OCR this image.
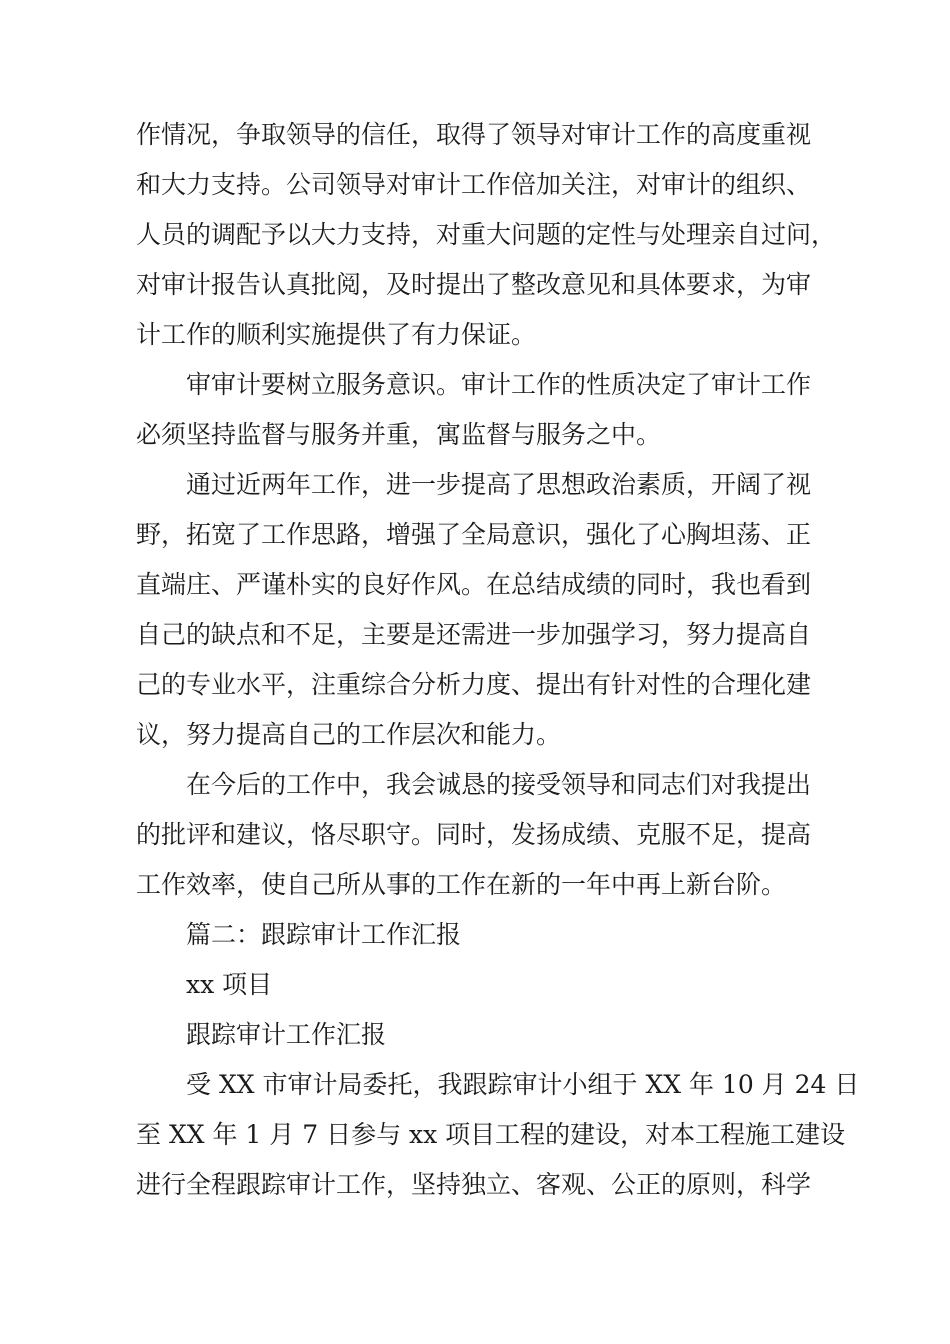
作情况，争取领导的信任，取得了领导对审计工作的高度重视
和大力支持。公司领导对审计工作倍加关注，对审计的组织、
人员的调配予以大力支持，对重大问题的定性与处理亲自过问，
对审计报告认真批阅，及时提出了整改意见和具体要求，为审
计工作的顺利实施提供了有力保证。
审审计要树立服务意识。审计工作的性质决定了审计工作
必须坚持监督与服务并重，寓监督与服务之中。
通过近两年工作，进一步提高了思想政治素质，开阔了视
野，拓宽了工作思路，增强了全局意识，强化了心胸坦荡、正
直端庄、严谨朴实的良好作风。在总结成绩的同时，我也看到
自己的缺点和不足，主要是还需进一步加强学习，努力提高自
己的专业水平，注重综合分析力度、提出有针对性的合理化建
议，努力提高自己的工作层次和能力。
在今后的工作中，我会诚恳的接受领导和同志们对我提出
的批评和建议，恪尽职守。同时，发扬成绩、克服不足，提高
工作效率，使自己所从事的工作在新的一年中再上新台阶。
篇二：跟踪审计工作汇报
xx 项目
跟踪审计工作汇报
受 XX 市审计局委托，我跟踪审计小组于 XX 年 10 月 24 日
至 XX 年 1 月 7 日参与 xx 项目工程的建设，对本工程施工建设
进行全程跟踪审计工作，坚持独立、客观、公正的原则，科学
